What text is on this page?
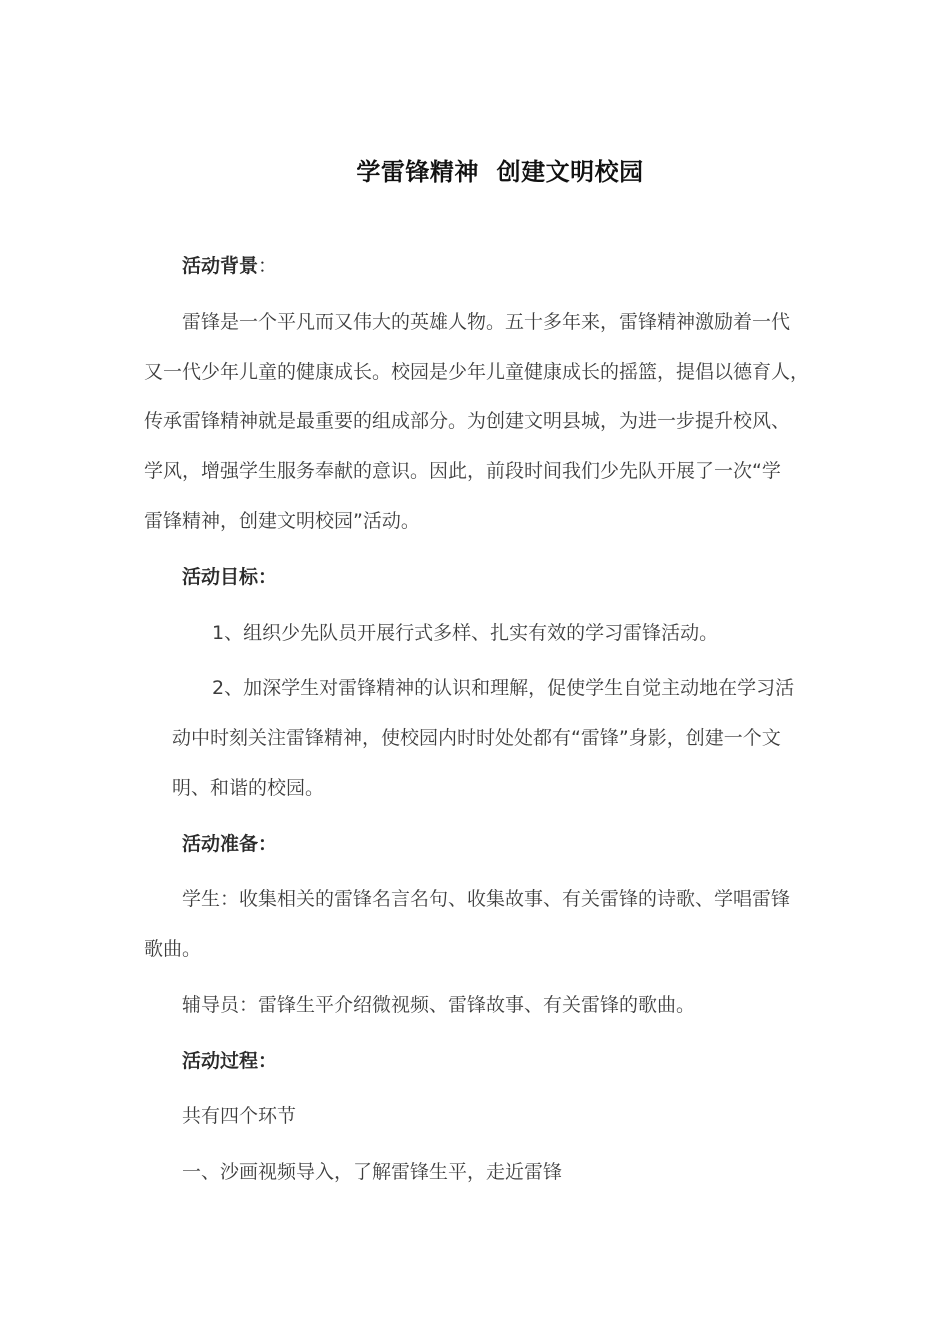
学雷锋精神  创建文明校园
活动背景：
雷锋是一个平凡而又伟大的英雄人物。五十多年来，雷锋精神激励着一代
又一代少年儿童的健康成长。校园是少年儿童健康成长的摇篮，提倡以德育人，
传承雷锋精神就是最重要的组成部分。为创建文明县城，为进一步提升校风、
学风，增强学生服务奉献的意识。因此，前段时间我们少先队开展了一次“学
雷锋精神，创建文明校园”活动。
活动目标：
1、组织少先队员开展行式多样、扎实有效的学习雷锋活动。
2、加深学生对雷锋精神的认识和理解，促使学生自觉主动地在学习活
动中时刻关注雷锋精神，使校园内时时处处都有“雷锋”身影，创建一个文
明、和谐的校园。
活动准备：
学生：收集相关的雷锋名言名句、收集故事、有关雷锋的诗歌、学唱雷锋
歌曲。
辅导员：雷锋生平介绍微视频、雷锋故事、有关雷锋的歌曲。
活动过程：
共有四个环节
一、沙画视频导入，了解雷锋生平，走近雷锋
